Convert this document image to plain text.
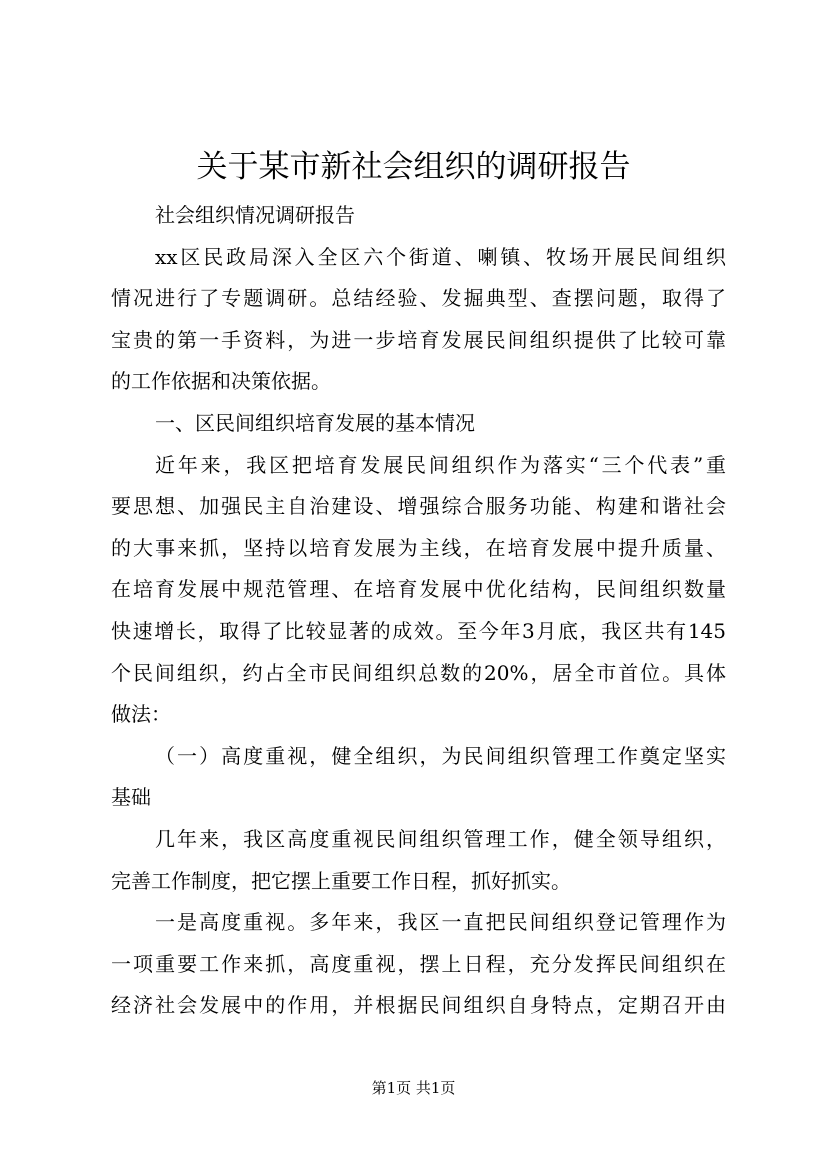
关于某市新社会组织的调研报告
社会组织情况调研报告
xx区民政局深入全区六个街道、喇镇、牧场开展民间组织
情况进行了专题调研。总结经验、发掘典型、查摆问题，取得了
宝贵的第一手资料，为进一步培育发展民间组织提供了比较可靠
的工作依据和决策依据。
一、区民间组织培育发展的基本情况
近年来，我区把培育发展民间组织作为落实“三个代表”重
要思想、加强民主自治建设、增强综合服务功能、构建和谐社会
的大事来抓，坚持以培育发展为主线，在培育发展中提升质量、
在培育发展中规范管理、在培育发展中优化结构，民间组织数量
快速增长，取得了比较显著的成效。至今年3月底，我区共有145
个民间组织，约占全市民间组织总数的20%，居全市首位。具体
做法：
（一）高度重视，健全组织，为民间组织管理工作奠定坚实
基础
几年来，我区高度重视民间组织管理工作，健全领导组织，
完善工作制度，把它摆上重要工作日程，抓好抓实。
一是高度重视。多年来，我区一直把民间组织登记管理作为
一项重要工作来抓，高度重视，摆上日程，充分发挥民间组织在
经济社会发展中的作用，并根据民间组织自身特点，定期召开由
第1页 共1页
